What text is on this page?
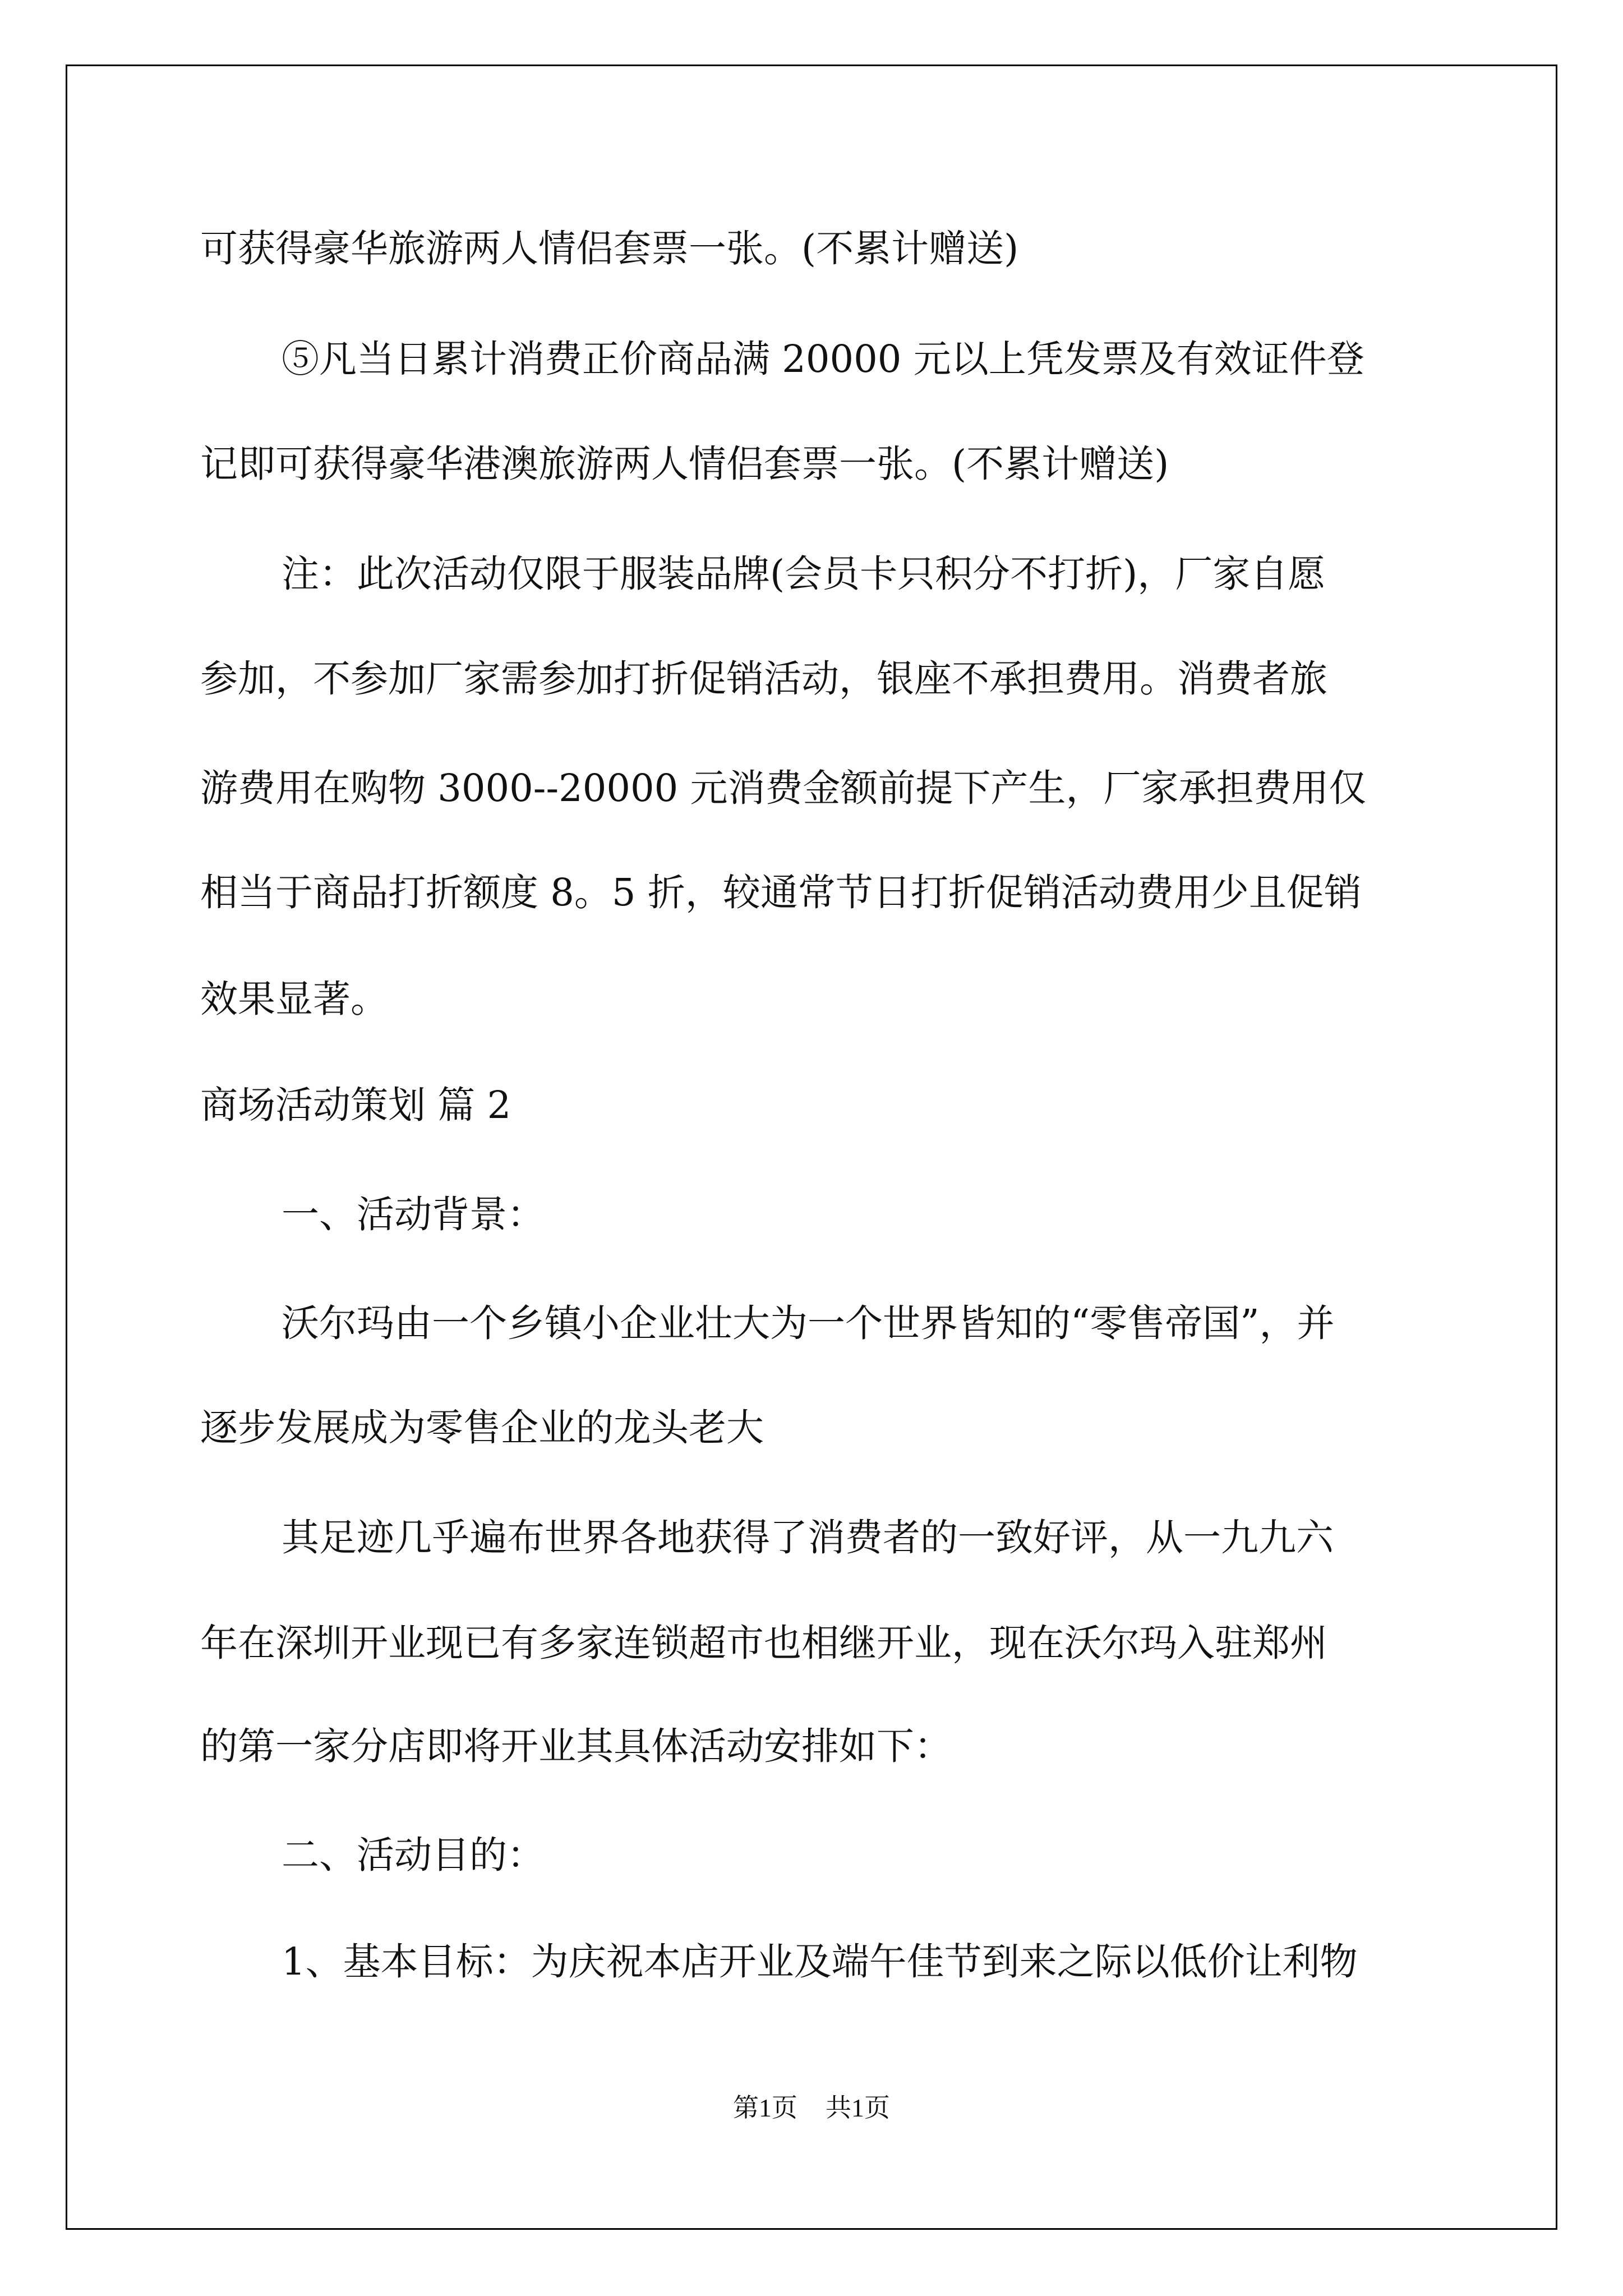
可获得豪华旅游两人情侣套票一张。(不累计赠送)

⑤凡当日累计消费正价商品满 20000 元以上凭发票及有效证件登

记即可获得豪华港澳旅游两人情侣套票一张。(不累计赠送)

注：此次活动仅限于服装品牌(会员卡只积分不打折)，厂家自愿

参加，不参加厂家需参加打折促销活动，银座不承担费用。消费者旅

游费用在购物 3000--20000 元消费金额前提下产生，厂家承担费用仅

相当于商品打折额度 8。5 折，较通常节日打折促销活动费用少且促销

效果显著。

商场活动策划 篇 2

一、活动背景：

沃尔玛由一个乡镇小企业壮大为一个世界皆知的“零售帝国”，并

逐步发展成为零售企业的龙头老大

其足迹几乎遍布世界各地获得了消费者的一致好评，从一九九六

年在深圳开业现已有多家连锁超市也相继开业，现在沃尔玛入驻郑州

的第一家分店即将开业其具体活动安排如下：

二、活动目的：

1、基本目标：为庆祝本店开业及端午佳节到来之际以低价让利物

第1页 共1页
